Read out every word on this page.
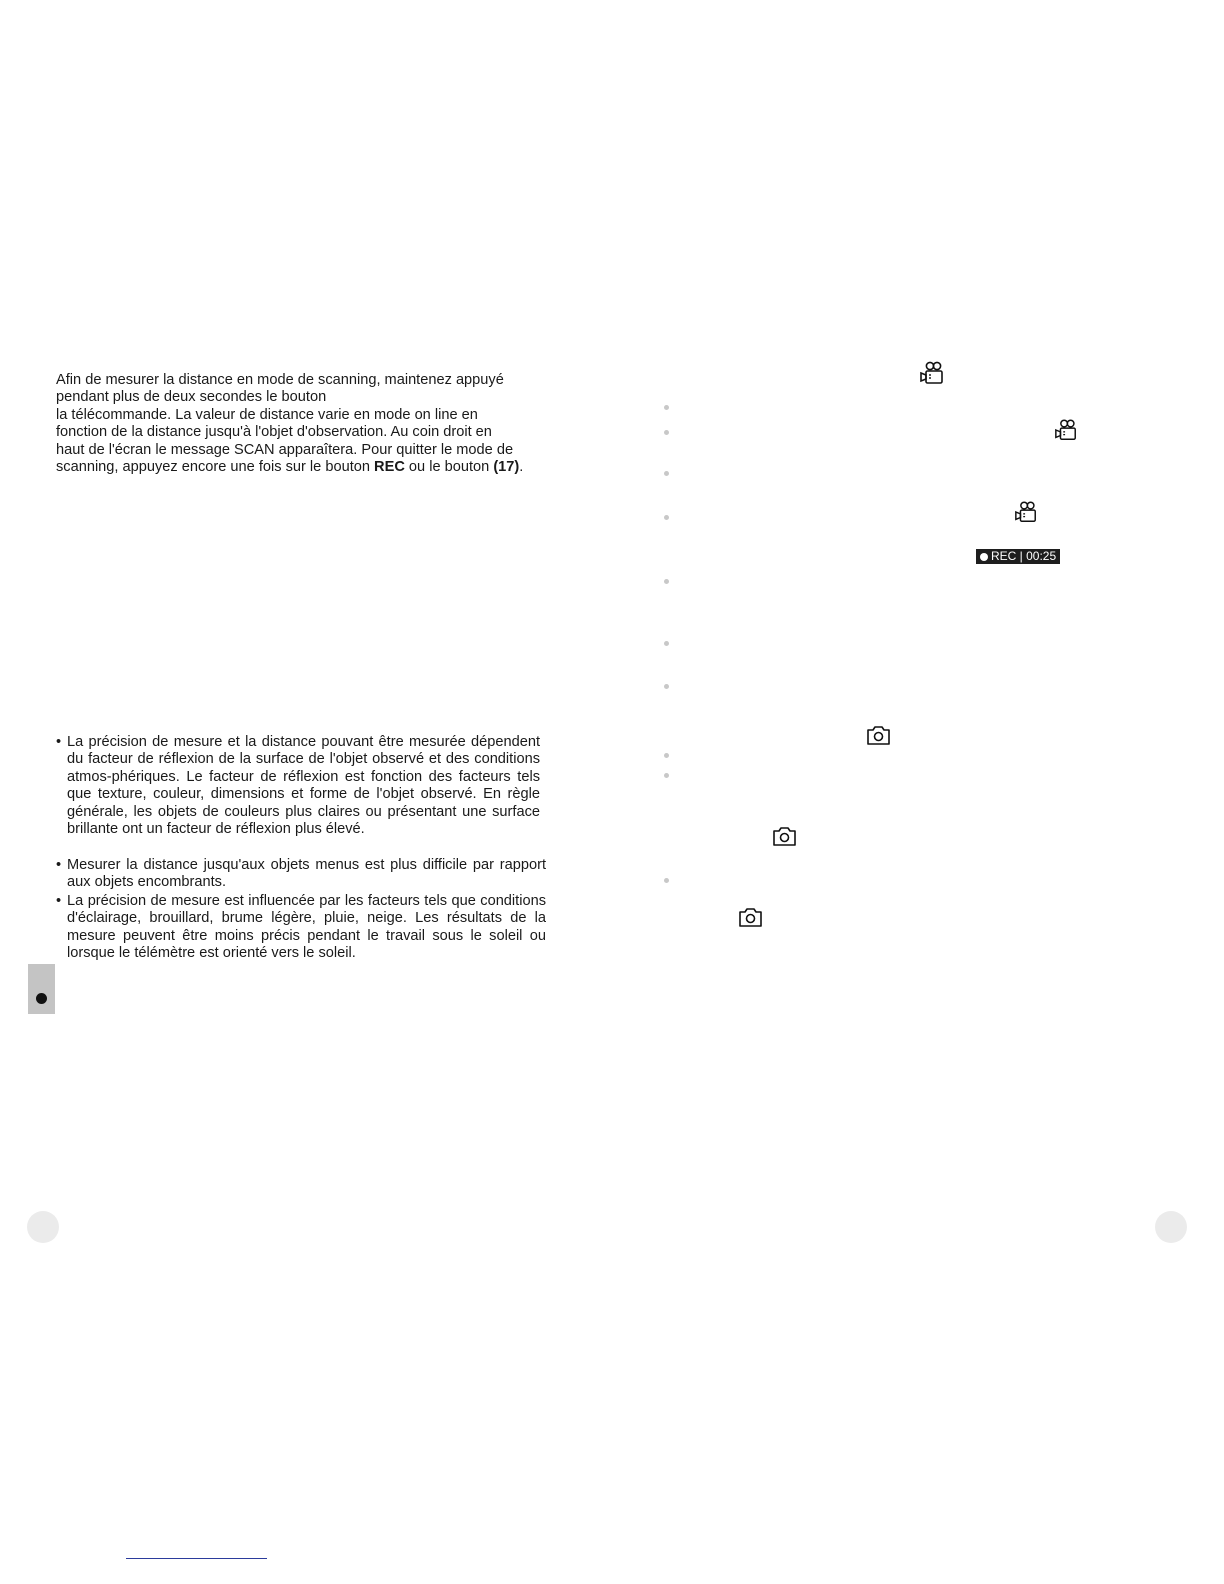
Afin de mesurer la distance en mode de scanning, maintenez appuyé
pendant plus de deux secondes le bouton
la télécommande. La valeur de distance varie en mode on line en
fonction de la distance jusqu'à l'objet d'observation. Au coin droit en
haut de l'écran le message SCAN apparaîtera. Pour quitter le mode de
scanning, appuyez encore une fois sur le bouton REC ou le bouton (17).
• La précision de mesure et la distance pouvant être mesurée dépendent du facteur de réflexion de la surface de l'objet observé et des conditions atmos-phériques. Le facteur de réflexion est fonction des facteurs tels que texture, couleur, dimensions et forme de l'objet observé. En règle générale, les objets de couleurs plus claires ou présentant une surface brillante ont un facteur de réflexion plus élevé.
• Mesurer la distance jusqu'aux objets menus est plus difficile par rapport aux objets encombrants.
• La précision de mesure est influencée par les facteurs tels que conditions d'éclairage, brouillard, brume légère, pluie, neige. Les résultats de la mesure peuvent être moins précis pendant le travail sous le soleil ou lorsque le télémètre est orienté vers le soleil.
REC | 00:25
